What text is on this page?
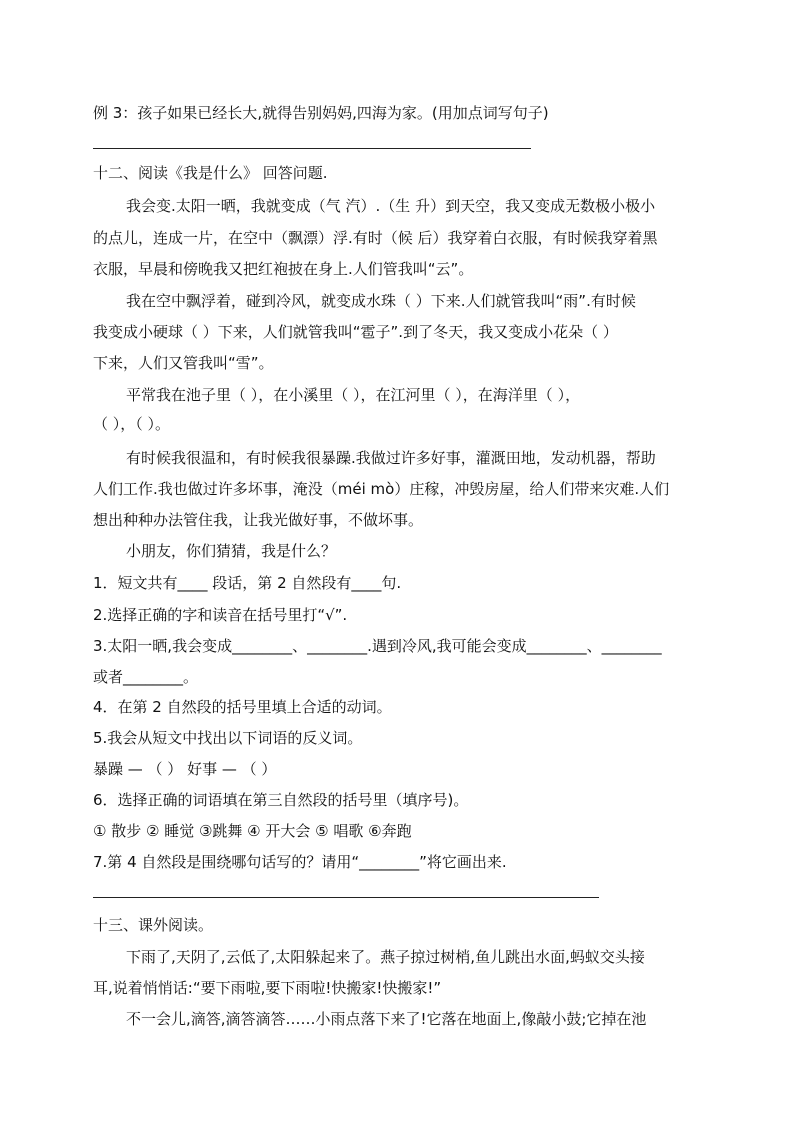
例 3：孩子如果已经长大,就得告别妈妈,四海为家。(用加点词写句子)
十二、阅读《我是什么》 回答问题.
我会变.太阳一晒，我就变成（气 汽）.（生 升）到天空，我又变成无数极小极小
的点儿，连成一片，在空中（飘漂）浮.有时（候 后）我穿着白衣服，有时候我穿着黑
衣服，早晨和傍晚我又把红袍披在身上.人们管我叫“云”。
我在空中飘浮着，碰到冷风，就变成水珠（ ）下来.人们就管我叫“雨”.有时候
我变成小硬球（ ）下来，人们就管我叫“雹子”.到了冬天，我又变成小花朵（ ）
下来，人们又管我叫“雪”。
平常我在池子里（ ），在小溪里（ ），在江河里（ ），在海洋里（ ），
（ ），（ ）。
有时候我很温和，有时候我很暴躁.我做过许多好事，灌溉田地，发动机器，帮助
人们工作.我也做过许多坏事，淹没（méi mò）庄稼，冲毁房屋，给人们带来灾难.人们
想出种种办法管住我，让我光做好事，不做坏事。
小朋友，你们猜猜，我是什么？
1．短文共有____ 段话，第 2 自然段有____句.
2.选择正确的字和读音在括号里打“√”.
3.太阳一晒,我会变成________、________.遇到冷风,我可能会变成________、________
或者________。
4．在第 2 自然段的括号里填上合适的动词。
5.我会从短文中找出以下词语的反义词。
暴躁 — （ ） 好事 — （ ）
6．选择正确的词语填在第三自然段的括号里（填序号)。
① 散步 ② 睡觉 ③跳舞 ④ 开大会 ⑤ 唱歌 ⑥奔跑
7.第 4 自然段是围绕哪句话写的？请用“________”将它画出来.
十三、课外阅读。
下雨了,天阴了,云低了,太阳躲起来了。燕子掠过树梢,鱼儿跳出水面,蚂蚁交头接
耳,说着悄悄话:“要下雨啦,要下雨啦!快搬家!快搬家!”
不一会儿,滴答,滴答滴答……小雨点落下来了!它落在地面上,像敲小鼓;它掉在池
